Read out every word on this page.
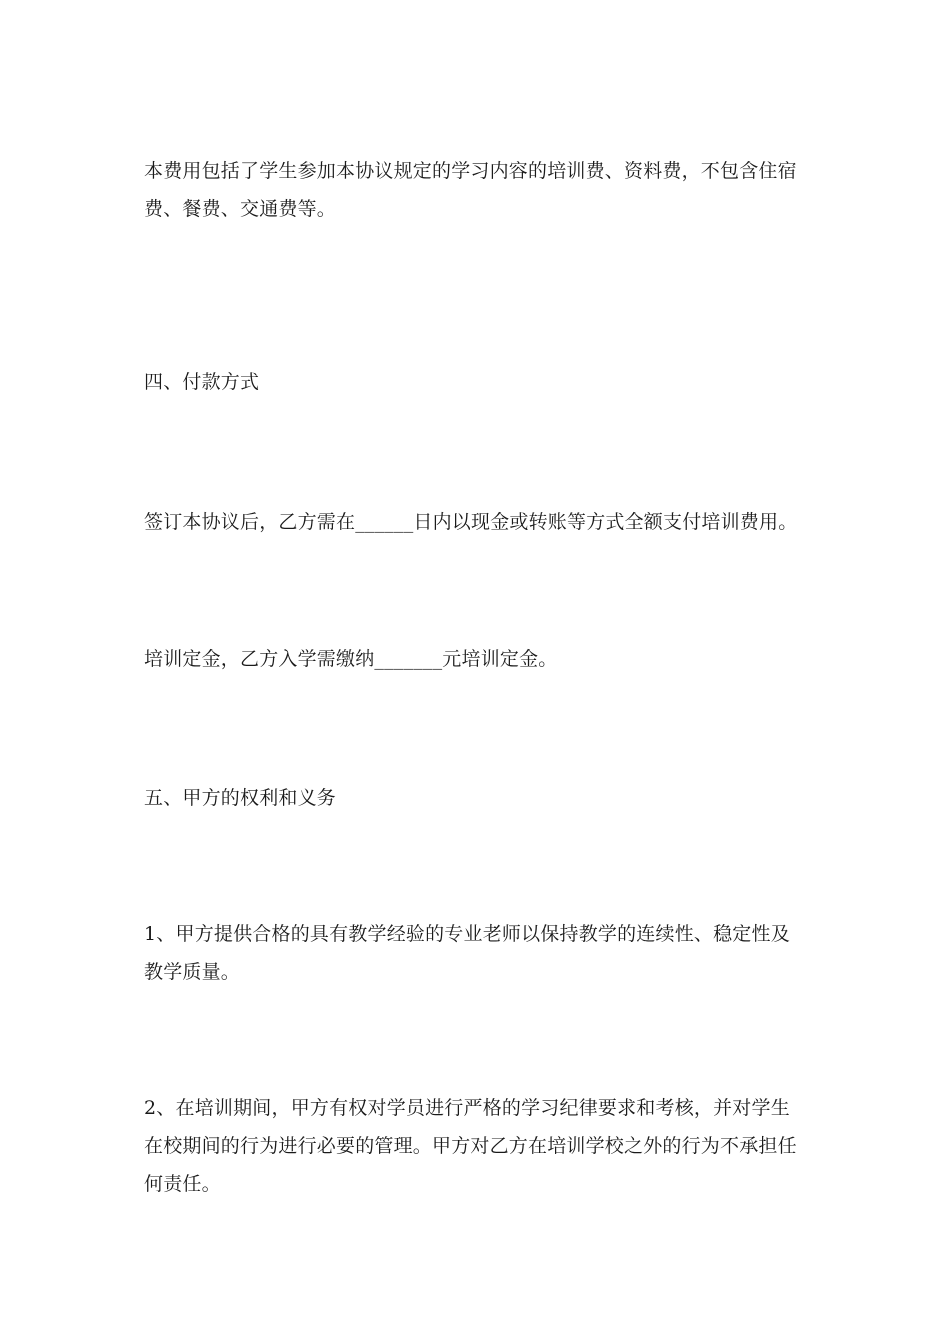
本费用包括了学生参加本协议规定的学习内容的培训费、资料费，不包含住宿费、餐费、交通费等。

四、付款方式

签订本协议后，乙方需在______日内以现金或转账等方式全额支付培训费用。

培训定金，乙方入学需缴纳_______元培训定金。

五、甲方的权利和义务

1、甲方提供合格的具有教学经验的专业老师以保持教学的连续性、稳定性及教学质量。

2、在培训期间，甲方有权对学员进行严格的学习纪律要求和考核，并对学生在校期间的行为进行必要的管理。甲方对乙方在培训学校之外的行为不承担任何责任。
